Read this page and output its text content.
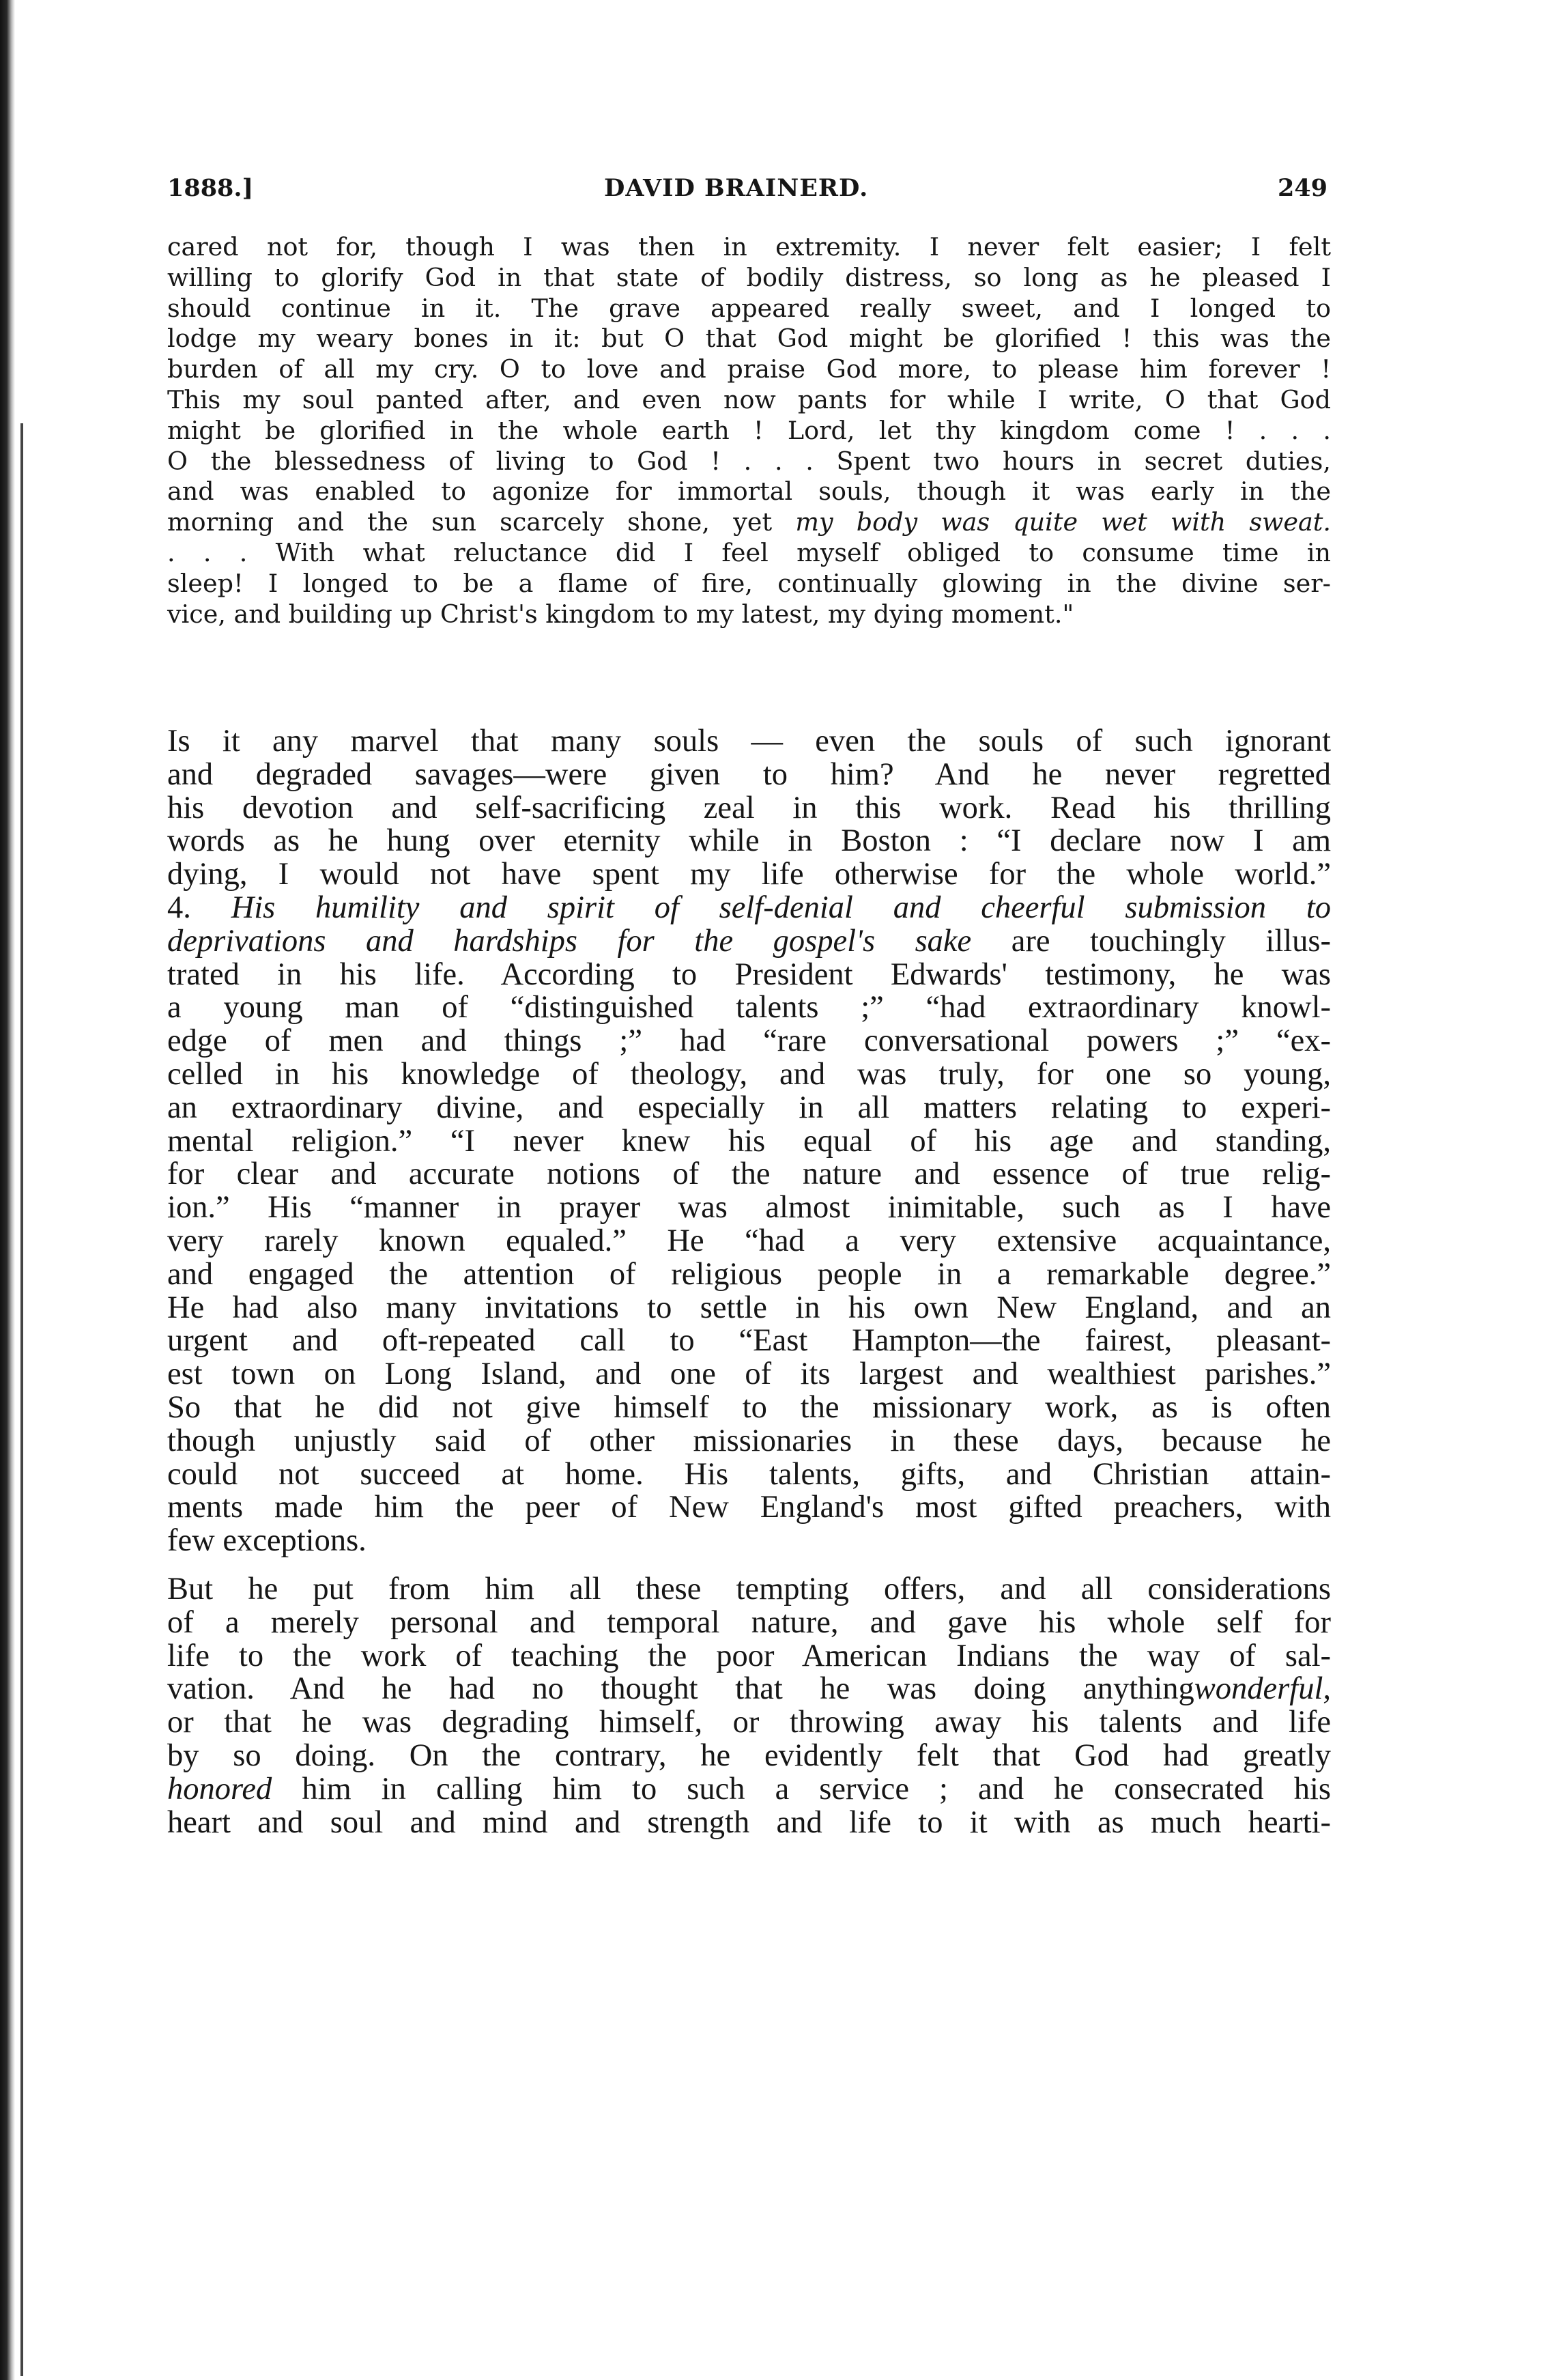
1888.]	DAVID BRAINERD.	249
cared not for, though I was then in extremity. I never felt easier; I felt
willing to glorify God in that state of bodily distress, so long as he pleased I
should continue in it. The grave appeared really sweet, and I longed to
lodge my weary bones in it: but O that God might be glorified ! this was the
burden of all my cry. O to love and praise God more, to please him forever !
This my soul panted after, and even now pants for while I write, O that God
might be glorified in the whole earth ! Lord, let thy kingdom come ! . . .
O the blessedness of living to God ! . . . Spent two hours in secret duties,
and was enabled to agonize for immortal souls, though it was early in the
morning and the sun scarcely shone, yet my body was quite wet with sweat.
. . . With what reluctance did I feel myself obliged to consume time in
sleep! I longed to be a flame of fire, continually glowing in the divine ser-
vice, and building up Christ's kingdom to my latest, my dying moment."
Is it any marvel that many souls — even the souls of such ignorant
and degraded savages—were given to him? And he never regretted
his devotion and self-sacrificing zeal in this work. Read his thrilling
words as he hung over eternity while in Boston : “I declare now I am
dying, I would not have spent my life otherwise for the whole world.”
4. His humility and spirit of self-denial and cheerful submission to
deprivations and hardships for the gospel's sake are touchingly illus-
trated in his life. According to President Edwards' testimony, he was
a young man of “distinguished talents ;” “had extraordinary knowl-
edge of men and things ;” had “rare conversational powers ;” “ex-
celled in his knowledge of theology, and was truly, for one so young,
an extraordinary divine, and especially in all matters relating to experi-
mental religion.” “I never knew his equal of his age and standing,
for clear and accurate notions of the nature and essence of true relig-
ion.” His “manner in prayer was almost inimitable, such as I have
very rarely known equaled.” He “had a very extensive acquaintance,
and engaged the attention of religious people in a remarkable degree.”
He had also many invitations to settle in his own New England, and an
urgent and oft-repeated call to “East Hampton—the fairest, pleasant-
est town on Long Island, and one of its largest and wealthiest parishes.”
So that he did not give himself to the missionary work, as is often
though unjustly said of other missionaries in these days, because he
could not succeed at home. His talents, gifts, and Christian attain-
ments made him the peer of New England's most gifted preachers, with
few exceptions.
But he put from him all these tempting offers, and all considerations
of a merely personal and temporal nature, and gave his whole self for
life to the work of teaching the poor American Indians the way of sal-
vation. And he had no thought that he was doing anythingwonderful,
or that he was degrading himself, or throwing away his talents and life
by so doing. On the contrary, he evidently felt that God had greatly
honored him in calling him to such a service ; and he consecrated his
heart and soul and mind and strength and life to it with as much hearti-
